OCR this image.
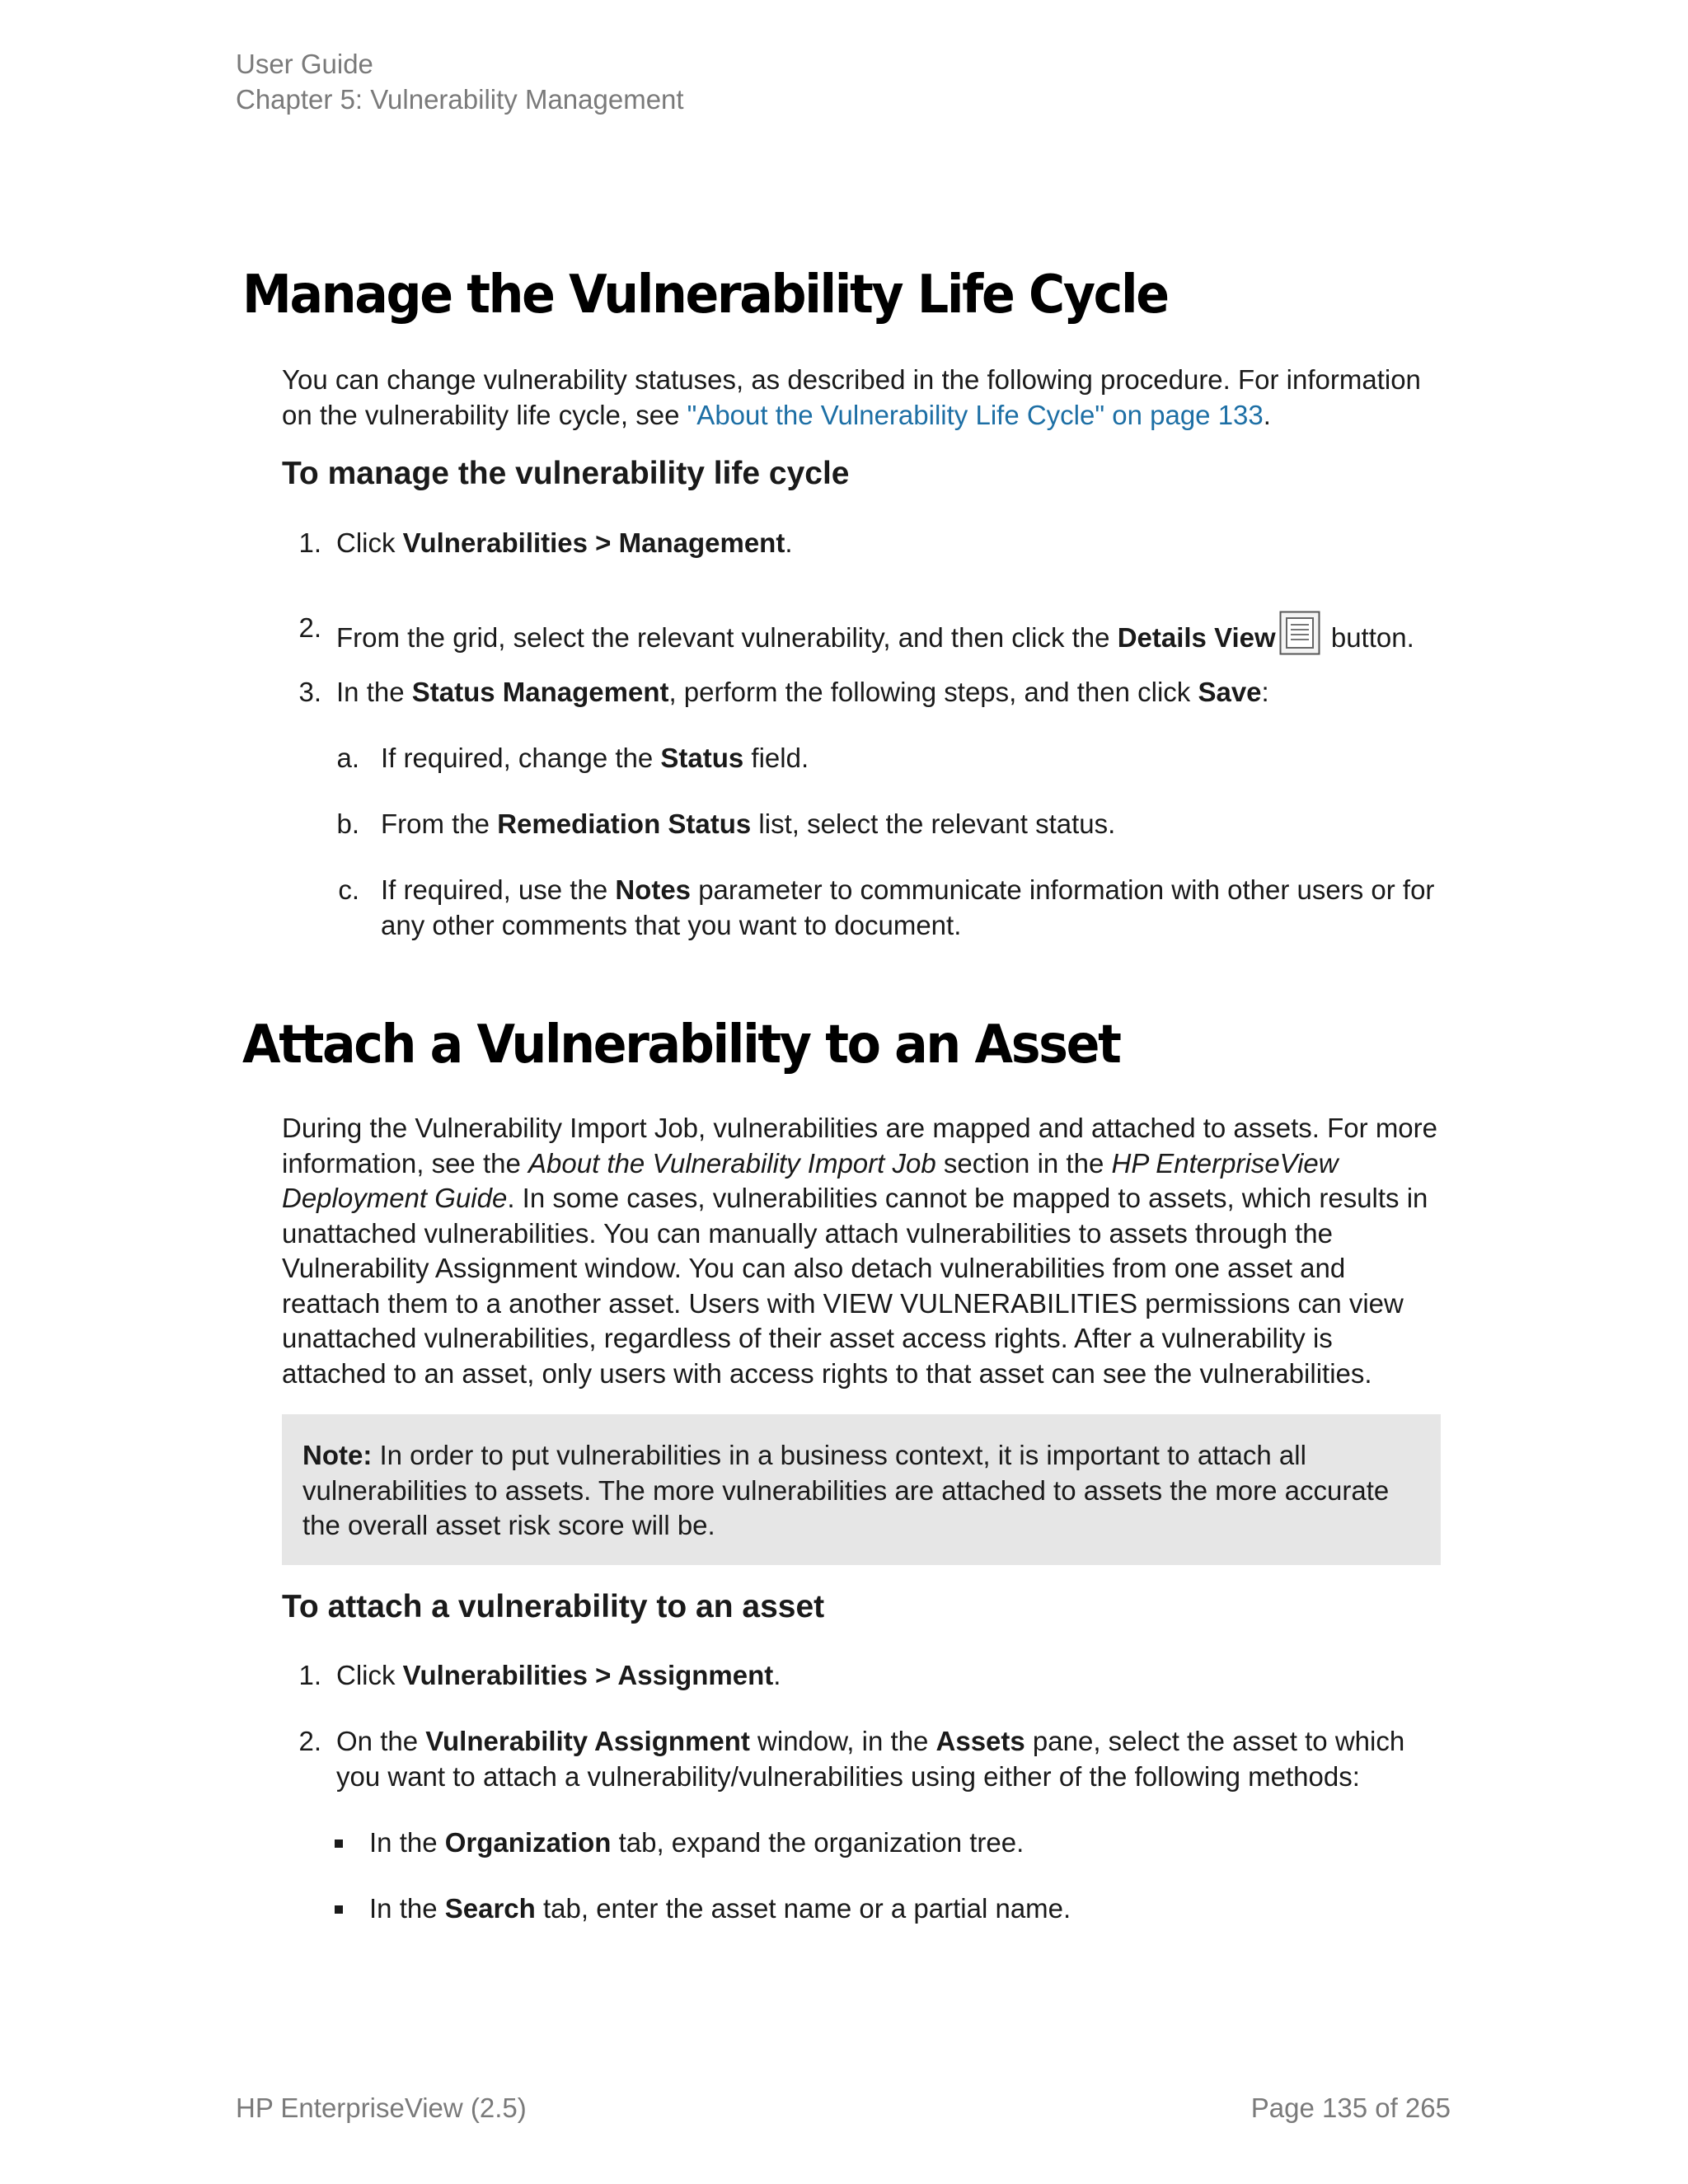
User Guide
Chapter 5: Vulnerability Management
Manage the Vulnerability Life Cycle

You can change vulnerability statuses, as described in the following procedure. For information on the vulnerability life cycle, see "About the Vulnerability Life Cycle" on page 133.

To manage the vulnerability life cycle
1. Click Vulnerabilities > Management.
2. From the grid, select the relevant vulnerability, and then click the Details View
button.
3. In the Status Management, perform the following steps, and then click Save:
a. If required, change the Status field.
b. From the Remediation Status list, select the relevant status.
c. If required, use the Notes parameter to communicate information with other users or for any other comments that you want to document.
Attach a Vulnerability to an Asset

During the Vulnerability Import Job, vulnerabilities are mapped and attached to assets. For more information, see the About the Vulnerability Import Job section in the HP EnterpriseView Deployment Guide. In some cases, vulnerabilities cannot be mapped to assets, which results in unattached vulnerabilities. You can manually attach vulnerabilities to assets through the Vulnerability Assignment window. You can also detach vulnerabilities from one asset and reattach them to a another asset. Users with VIEW VULNERABILITIES permissions can view unattached vulnerabilities, regardless of their asset access rights. After a vulnerability is attached to an asset, only users with access rights to that asset can see the vulnerabilities.

Note: In order to put vulnerabilities in a business context, it is important to attach all vulnerabilities to assets. The more vulnerabilities are attached to assets the more accurate the overall asset risk score will be.
To attach a vulnerability to an asset
1. Click Vulnerabilities > Assignment.
2. On the Vulnerability Assignment window, in the Assets pane, select the asset to which you want to attach a vulnerability/vulnerabilities using either of the following methods:
In the Organization tab, expand the organization tree.
In the Search tab, enter the asset name or a partial name.
HP EnterpriseView (2.5)	Page 135 of 265
